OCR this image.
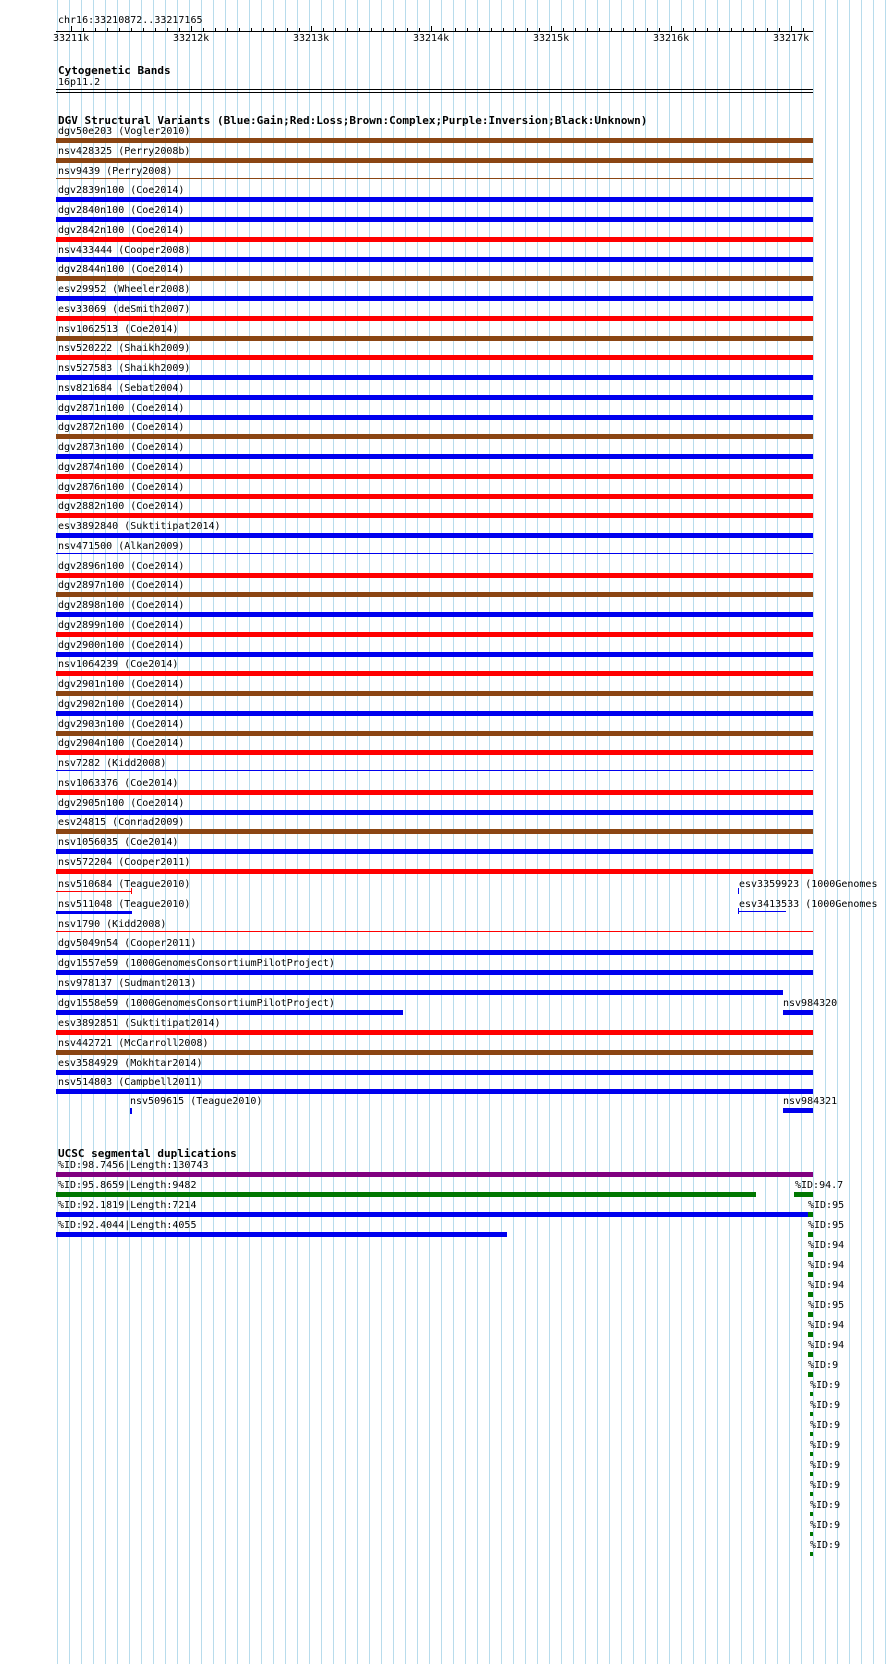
chr16:33210872..33217165
33211k	33212k	33213k	33214k	33215k	33216k	33217k
Cytogenetic Bands
16p11.2
DGV Structural Variants (Blue:Gain;Red:Loss;Brown:Complex;Purple:Inversion;Black:Unknown)
dgv50e203 (Vogler2010)
nsv428325 (Perry2008b)
nsv9439 (Perry2008)
dgv2839n100 (Coe2014)
dgv2840n100 (Coe2014)
dgv2842n100 (Coe2014)
nsv433444 (Cooper2008)
dgv2844n100 (Coe2014)
esv29952 (Wheeler2008)
esv33069 (deSmith2007)
nsv1062513 (Coe2014)
nsv520222 (Shaikh2009)
nsv527583 (Shaikh2009)
nsv821684 (Sebat2004)
dgv2871n100 (Coe2014)
dgv2872n100 (Coe2014)
dgv2873n100 (Coe2014)
dgv2874n100 (Coe2014)
dgv2876n100 (Coe2014)
dgv2882n100 (Coe2014)
esv3892840 (Suktitipat2014)
nsv471500 (Alkan2009)
dgv2896n100 (Coe2014)
dgv2897n100 (Coe2014)
dgv2898n100 (Coe2014)
dgv2899n100 (Coe2014)
dgv2900n100 (Coe2014)
nsv1064239 (Coe2014)
dgv2901n100 (Coe2014)
dgv2902n100 (Coe2014)
dgv2903n100 (Coe2014)
dgv2904n100 (Coe2014)
nsv7282 (Kidd2008)
nsv1063376 (Coe2014)
dgv2905n100 (Coe2014)
esv24815 (Conrad2009)
nsv1056035 (Coe2014)
nsv572204 (Cooper2011)
nsv510684 (Teague2010)	esv3359923 (1000Genomes
nsv511048 (Teague2010)	esv3413533 (1000Genomes
nsv1790 (Kidd2008)
dgv5049n54 (Cooper2011)
dgv1557e59 (1000GenomesConsortiumPilotProject)
nsv978137 (Sudmant2013)
dgv1558e59 (1000GenomesConsortiumPilotProject)	nsv984320
esv3892851 (Suktitipat2014)
nsv442721 (McCarroll2008)
esv3584929 (Mokhtar2014)
nsv514803 (Campbell2011)
nsv509615 (Teague2010)	nsv984321
UCSC segmental duplications
%ID:98.7456|Length:130743
%ID:95.8659|Length:9482
%ID:92.1819|Length:7214
%ID:92.4044|Length:4055
%ID:94.7
%ID:95
%ID:95
%ID:94
%ID:94
%ID:94
%ID:95
%ID:94
%ID:94
%ID:9
%ID:9
%ID:9
%ID:9
%ID:9
%ID:9
%ID:9
%ID:9
%ID:9
%ID:9
